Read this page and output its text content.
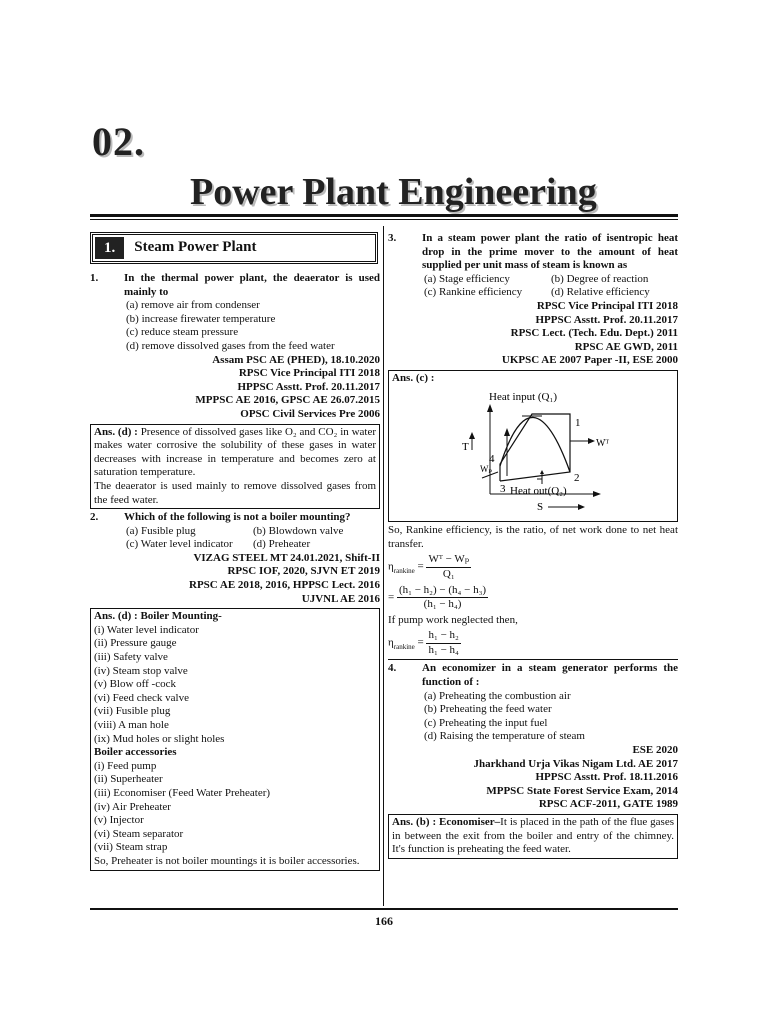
02.
Power Plant Engineering
1.	Steam Power Plant
1.	In the thermal power plant, the deaerator is used mainly to
(a) remove air from condenser
(b) increase firewater temperature
(c) reduce steam pressure
(d) remove dissolved gases from the feed water
Assam PSC AE (PHED), 18.10.2020
RPSC Vice Principal ITI 2018
HPPSC Asstt. Prof. 20.11.2017
MPPSC AE 2016, GPSC AE 26.07.2015
OPSC Civil Services Pre 2006
Ans. (d) : Presence of dissolved gases like O₂ and CO₂ in water makes water corrosive the solubility of these gases in water decreases with increase in temperature and becomes zero at saturation temperature.
The deaerator is used mainly to remove dissolved gases from the feed water.
2.	Which of the following is not a boiler mounting?
(a) Fusible plug	(b) Blowdown valve
(c) Water level indicator	(d) Preheater
VIZAG STEEL MT 24.01.2021, Shift-II
RPSC IOF, 2020, SJVN ET 2019
RPSC AE 2018, 2016, HPPSC Lect. 2016
UJVNL AE 2016
Ans. (d) : Boiler Mounting-
(i) Water level indicator
(ii) Pressure gauge
(iii) Safety valve
(iv) Steam stop valve
(v) Blow off -cock
(vi) Feed check valve
(vii) Fusible plug
(viii) A man hole
(ix) Mud holes or slight holes
Boiler accessories
(i) Feed pump
(ii) Superheater
(iii) Economiser (Feed Water Preheater)
(iv) Air Preheater
(v) Injector
(vi) Steam separator
(vii) Steam strap
So, Preheater is not boiler mountings it is boiler accessories.
3.	In a steam power plant the ratio of isentropic heat drop in the prime mover to the amount of heat supplied per unit mass of steam is known as
(a) Stage efficiency	(b) Degree of reaction
(c) Rankine efficiency	(d) Relative efficiency
RPSC Vice Principal ITI 2018
HPPSC Asstt. Prof. 20.11.2017
RPSC Lect. (Tech. Edu. Dept.) 2011
RPSC AE GWD, 2011
UKPSC AE 2007 Paper -II, ESE 2000
Ans. (c) :
Heat input (Q₁)
T
S
Wᵀ
Wₚ
1
2
3
4
Heat out(Q₂)
So, Rankine efficiency, is the ratio, of net work done to net heat transfer.
$\eta_{rankine} = \frac{\text{Wᵀ − Wₚ}}{\text{Q₁}}$
= $\frac{\text{(h₁ − h₂) − (h₄ − h₃)}}{\text{(h₁ − h₄)}}$
If pump work neglected then,
$\eta_{rankine} = \frac{\text{h₁ − h₂}}{\text{h₁ − h₄}}$
4.	An economizer in a steam generator performs the function of :
(a) Preheating the combustion air
(b) Preheating the feed water
(c) Preheating the input fuel
(d) Raising the temperature of steam
ESE 2020
Jharkhand Urja Vikas Nigam Ltd. AE 2017
HPPSC Asstt. Prof. 18.11.2016
MPPSC State Forest Service Exam, 2014
RPSC ACF-2011, GATE 1989
Ans. (b) : Economiser–It is placed in the path of the flue gases in between the exit from the boiler and entry of the chimney. It's function is preheating the feed water.
166
